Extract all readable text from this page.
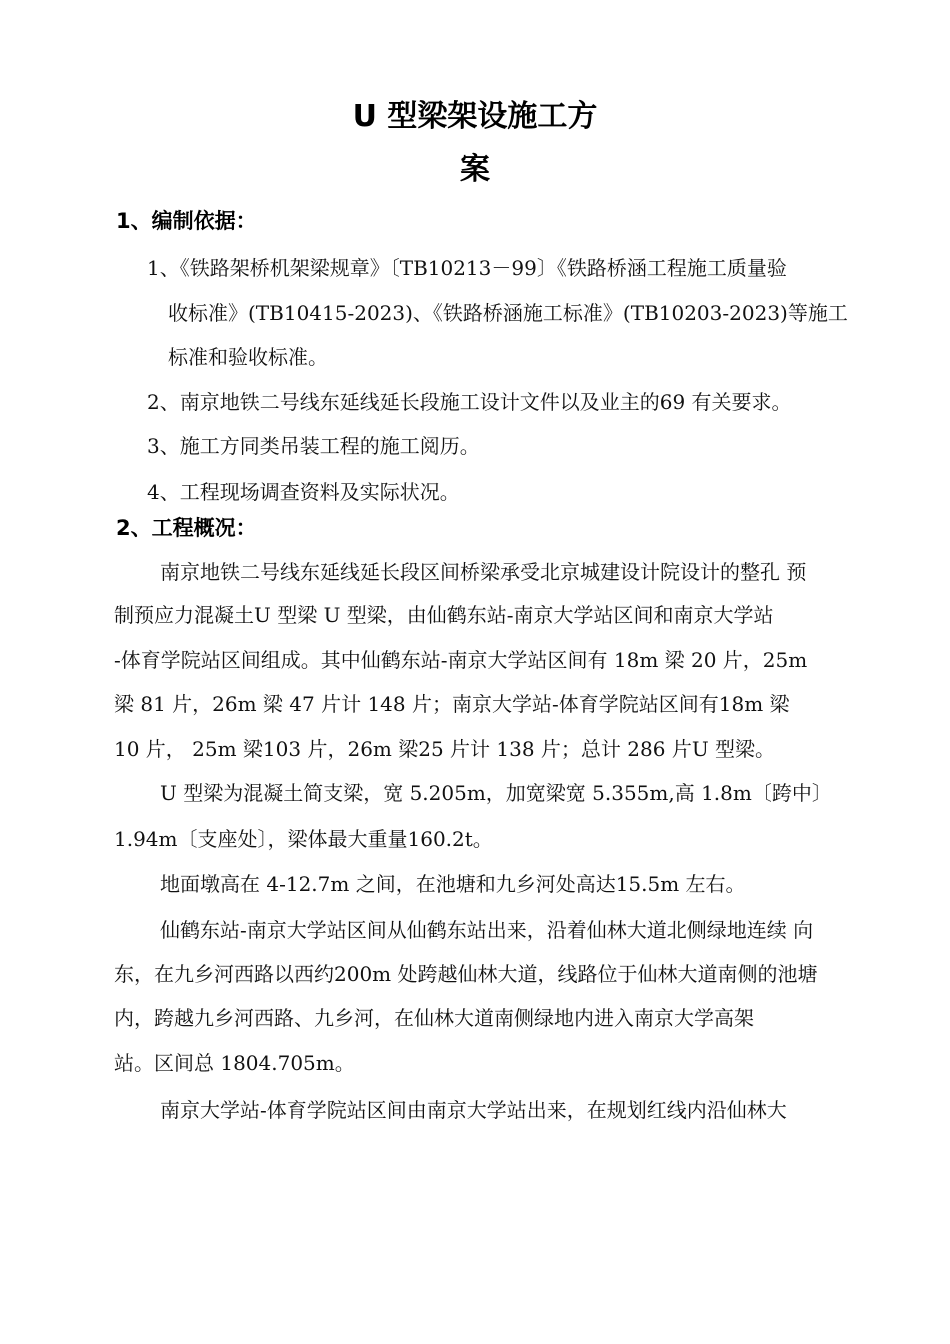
U 型梁架设施工方
案
1、编制依据：
1、《铁路架桥机架梁规章》〔TB10213－99〕《铁路桥涵工程施工质量验
收标准》(TB10415-2023)、《铁路桥涵施工标准》(TB10203-2023)等施工
标准和验收标准。
2、南京地铁二号线东延线延长段施工设计文件以及业主的69 有关要求。
3、施工方同类吊装工程的施工阅历。
4、工程现场调查资料及实际状况。
2、工程概况：
南京地铁二号线东延线延长段区间桥梁承受北京城建设计院设计的整孔 预
制预应力混凝土U 型梁 U 型梁，由仙鹤东站-南京大学站区间和南京大学站
-体育学院站区间组成。其中仙鹤东站-南京大学站区间有 18m 梁 20 片，25m
梁 81 片，26m 梁 47 片计 148 片；南京大学站-体育学院站区间有18m 梁
10 片， 25m 梁103 片，26m 梁25 片计 138 片；总计 286 片U 型梁。
U 型梁为混凝土简支梁，宽 5.205m，加宽梁宽 5.355m,高 1.8m〔跨中〕
1.94m〔支座处〕，梁体最大重量160.2t。
地面墩高在 4-12.7m 之间，在池塘和九乡河处高达15.5m 左右。
仙鹤东站-南京大学站区间从仙鹤东站出来，沿着仙林大道北侧绿地连续 向
东，在九乡河西路以西约200m 处跨越仙林大道，线路位于仙林大道南侧的池塘
内，跨越九乡河西路、九乡河，在仙林大道南侧绿地内进入南京大学高架
站。区间总 1804.705m。
南京大学站-体育学院站区间由南京大学站出来，在规划红线内沿仙林大
